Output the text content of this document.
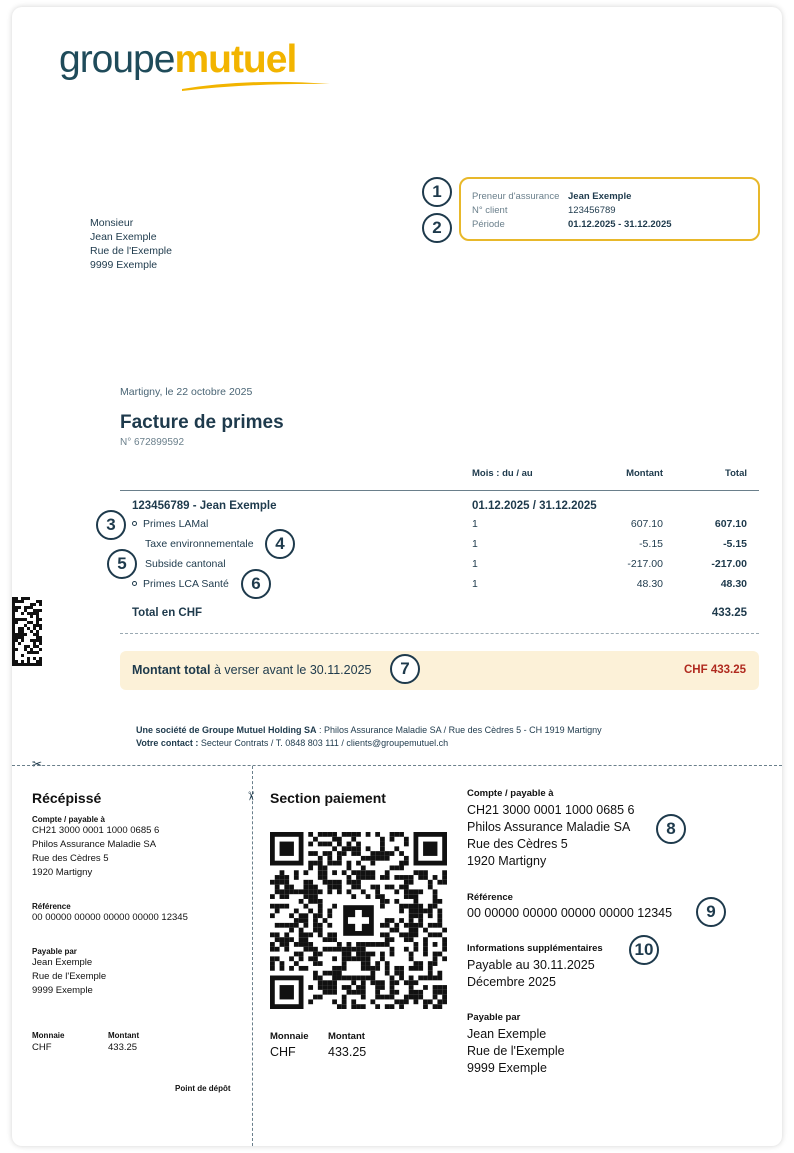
groupemutuel
1
2
Preneur d'assurance Jean Exemple
N° client	123456789
Période	01.12.2025 - 31.12.2025
Monsieur
Jean Exemple
Rue de l'Exemple
9999 Exemple
Martigny, le 22 octobre 2025
Facture de primes
N° 672899592
Mois : du / au	Montant	Total
123456789 - Jean Exemple	01.12.2025 / 31.12.2025
3	Primes LAMal	1	607.10	607.10
Taxe environnementale	4	1	-5.15	-5.15
5	Subside cantonal	1	-217.00	-217.00
Primes LCA Santé	6	1	48.30	48.30
Total en CHF	433.25
Montant total à verser avant le 30.11.2025	CHF 433.25
7
Une société de Groupe Mutuel Holding SA : Philos Assurance Maladie SA / Rue des Cèdres 5 - CH 1919 Martigny
Votre contact : Secteur Contrats / T. 0848 803 111 / clients@groupemutuel.ch
✂
✂
Récépissé
Compte / payable à
CH21 3000 0001 1000 0685 6
Philos Assurance Maladie SA
Rue des Cèdres 5
1920 Martigny
Référence
00 00000 00000 00000 00000 12345
Payable par
Jean Exemple
Rue de l'Exemple
9999 Exemple
Monnaie
CHF
Montant
433.25
Point de dépôt
Section paiement
Monnaie
CHF
Montant
433.25
Compte / payable à
CH21 3000 0001 1000 0685 6
Philos Assurance Maladie SA
Rue des Cèdres 5
1920 Martigny
8
Référence
00 00000 00000 00000 00000 12345	9
Informations supplémentaires	10
Payable au 30.11.2025
Décembre 2025
Payable par
Jean Exemple
Rue de l'Exemple
9999 Exemple
